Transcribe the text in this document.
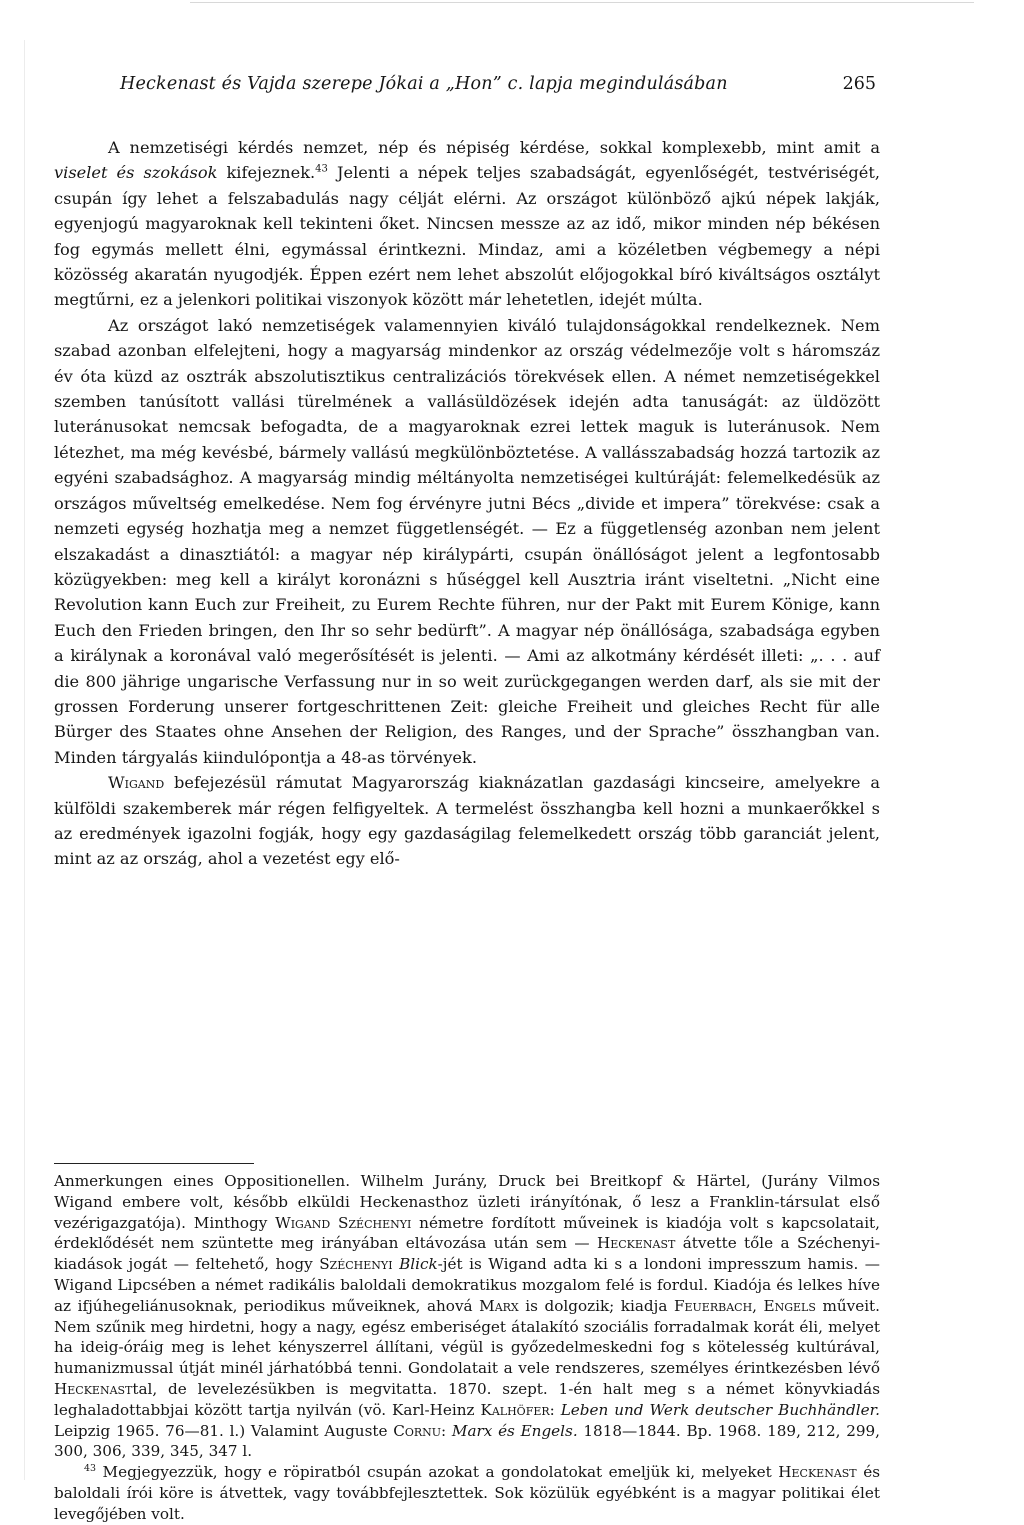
Heckenast és Vajda szerepe Jókai a „Hon” c. lapja megindulásában	265

A nemzetiségi kérdés nemzet, nép és népiség kérdése, sokkal komplexebb, mint amit a viselet és szokások kifejeznek.$^{43}$ Jelenti a népek teljes szabadságát, egyenlőségét, testvériségét, csupán így lehet a felszabadulás nagy célját elérni. Az országot különböző ajkú népek lakják, egyenjogú magyaroknak kell tekinteni őket. Nincsen messze az az idő, mikor minden nép békésen fog egymás mellett élni, egymással érintkezni. Mindaz, ami a közéletben végbemegy a népi közösség akaratán nyugodjék. Éppen ezért nem lehet abszolút előjogokkal bíró kiváltságos osztályt megtűrni, ez a jelenkori politikai viszonyok között már lehetetlen, idejét múlta.

Az országot lakó nemzetiségek valamennyien kiváló tulajdonságokkal rendelkeznek. Nem szabad azonban elfelejteni, hogy a magyarság mindenkor az ország védelmezője volt s háromszáz év óta küzd az osztrák abszolutisztikus centralizációs törekvések ellen. A német nemzetiségekkel szemben tanúsított vallási türelmének a vallásüldözések idején adta tanuságát: az üldözött luteránusokat nemcsak befogadta, de a magyaroknak ezrei lettek maguk is luteránusok. Nem létezhet, ma még kevésbé, bármely vallású megkülönböztetése. A vallásszabadság hozzá tartozik az egyéni szabadsághoz. A magyarság mindig méltányolta nemzetiségei kultúráját: felemelkedésük az országos műveltség emelkedése. Nem fog érvényre jutni Bécs „divide et impera” törekvése: csak a nemzeti egység hozhatja meg a nemzet függetlenségét. — Ez a függetlenség azonban nem jelent elszakadást a dinasztiától: a magyar nép királypárti, csupán önállóságot jelent a legfontosabb közügyekben: meg kell a királyt koronázni s hűséggel kell Ausztria iránt viseltetni. „Nicht eine Revolution kann Euch zur Freiheit, zu Eurem Rechte führen, nur der Pakt mit Eurem Könige, kann Euch den Frieden bringen, den Ihr so sehr bedürft”. A magyar nép önállósága, szabadsága egyben a királynak a koronával való megerősítését is jelenti. — Ami az alkotmány kérdését illeti: „. . . auf die 800 jährige ungarische Verfassung nur in so weit zurückgegangen werden darf, als sie mit der grossen Forderung unserer fortgeschrittenen Zeit: gleiche Freiheit und gleiches Recht für alle Bürger des Staates ohne Ansehen der Religion, des Ranges, und der Sprache” összhangban van. Minden tárgyalás kiindulópontja a 48-as törvények.

Wigand befejezésül rámutat Magyarország kiaknázatlan gazdasági kincseire, amelyekre a külföldi szakemberek már régen felfigyeltek. A termelést összhangba kell hozni a munkaerőkkel s az eredmények igazolni fogják, hogy egy gazdaságilag felemelkedett ország több garanciát jelent, mint az az ország, ahol a vezetést egy elő-

Anmerkungen eines Oppositionellen. Wilhelm Jurány, Druck bei Breitkopf & Härtel, (Jurány Vilmos Wigand embere volt, később elküldi Heckenasthoz üzleti irányítónak, ő lesz a Franklin-társulat első vezérigazgatója). Minthogy Wigand Széchenyi németre fordított műveinek is kiadója volt s kapcsolatait, érdeklődését nem szüntette meg irányában eltávozása után sem — Heckenast átvette tőle a Széchenyi-kiadások jogát — feltehető, hogy Széchenyi Blick-jét is Wigand adta ki s a londoni impresszum hamis. — Wigand Lipcsében a német radikális baloldali demokratikus mozgalom felé is fordul. Kiadója és lelkes híve az ifjúhegeliánusoknak, periodikus műveiknek, ahová Marx is dolgozik; kiadja Feuerbach, Engels műveit. Nem szűnik meg hirdetni, hogy a nagy, egész emberiséget átalakító szociális forradalmak korát éli, melyet ha ideig-óráig meg is lehet kényszerrel állítani, végül is győzedelmeskedni fog s kötelesség kultúrával, humanizmussal útját minél járhatóbbá tenni. Gondolatait a vele rendszeres, személyes érintkezésben lévő Heckenasttal, de levelezésükben is megvitatta. 1870. szept. 1-én halt meg s a német könyvkiadás leghaladottabbjai között tartja nyilván (vö. Karl-Heinz Kalhöfer: Leben und Werk deutscher Buchhändler. Leipzig 1965. 76—81. l.) Valamint Auguste Cornu: Marx és Engels. 1818—1844. Bp. 1968. 189, 212, 299, 300, 306, 339, 345, 347 l.

$^{43}$ Megjegyezzük, hogy e röpiratból csupán azokat a gondolatokat emeljük ki, melyeket Heckenast és baloldali írói köre is átvettek, vagy továbbfejlesztettek. Sok közülük egyébként is a magyar politikai élet levegőjében volt.
